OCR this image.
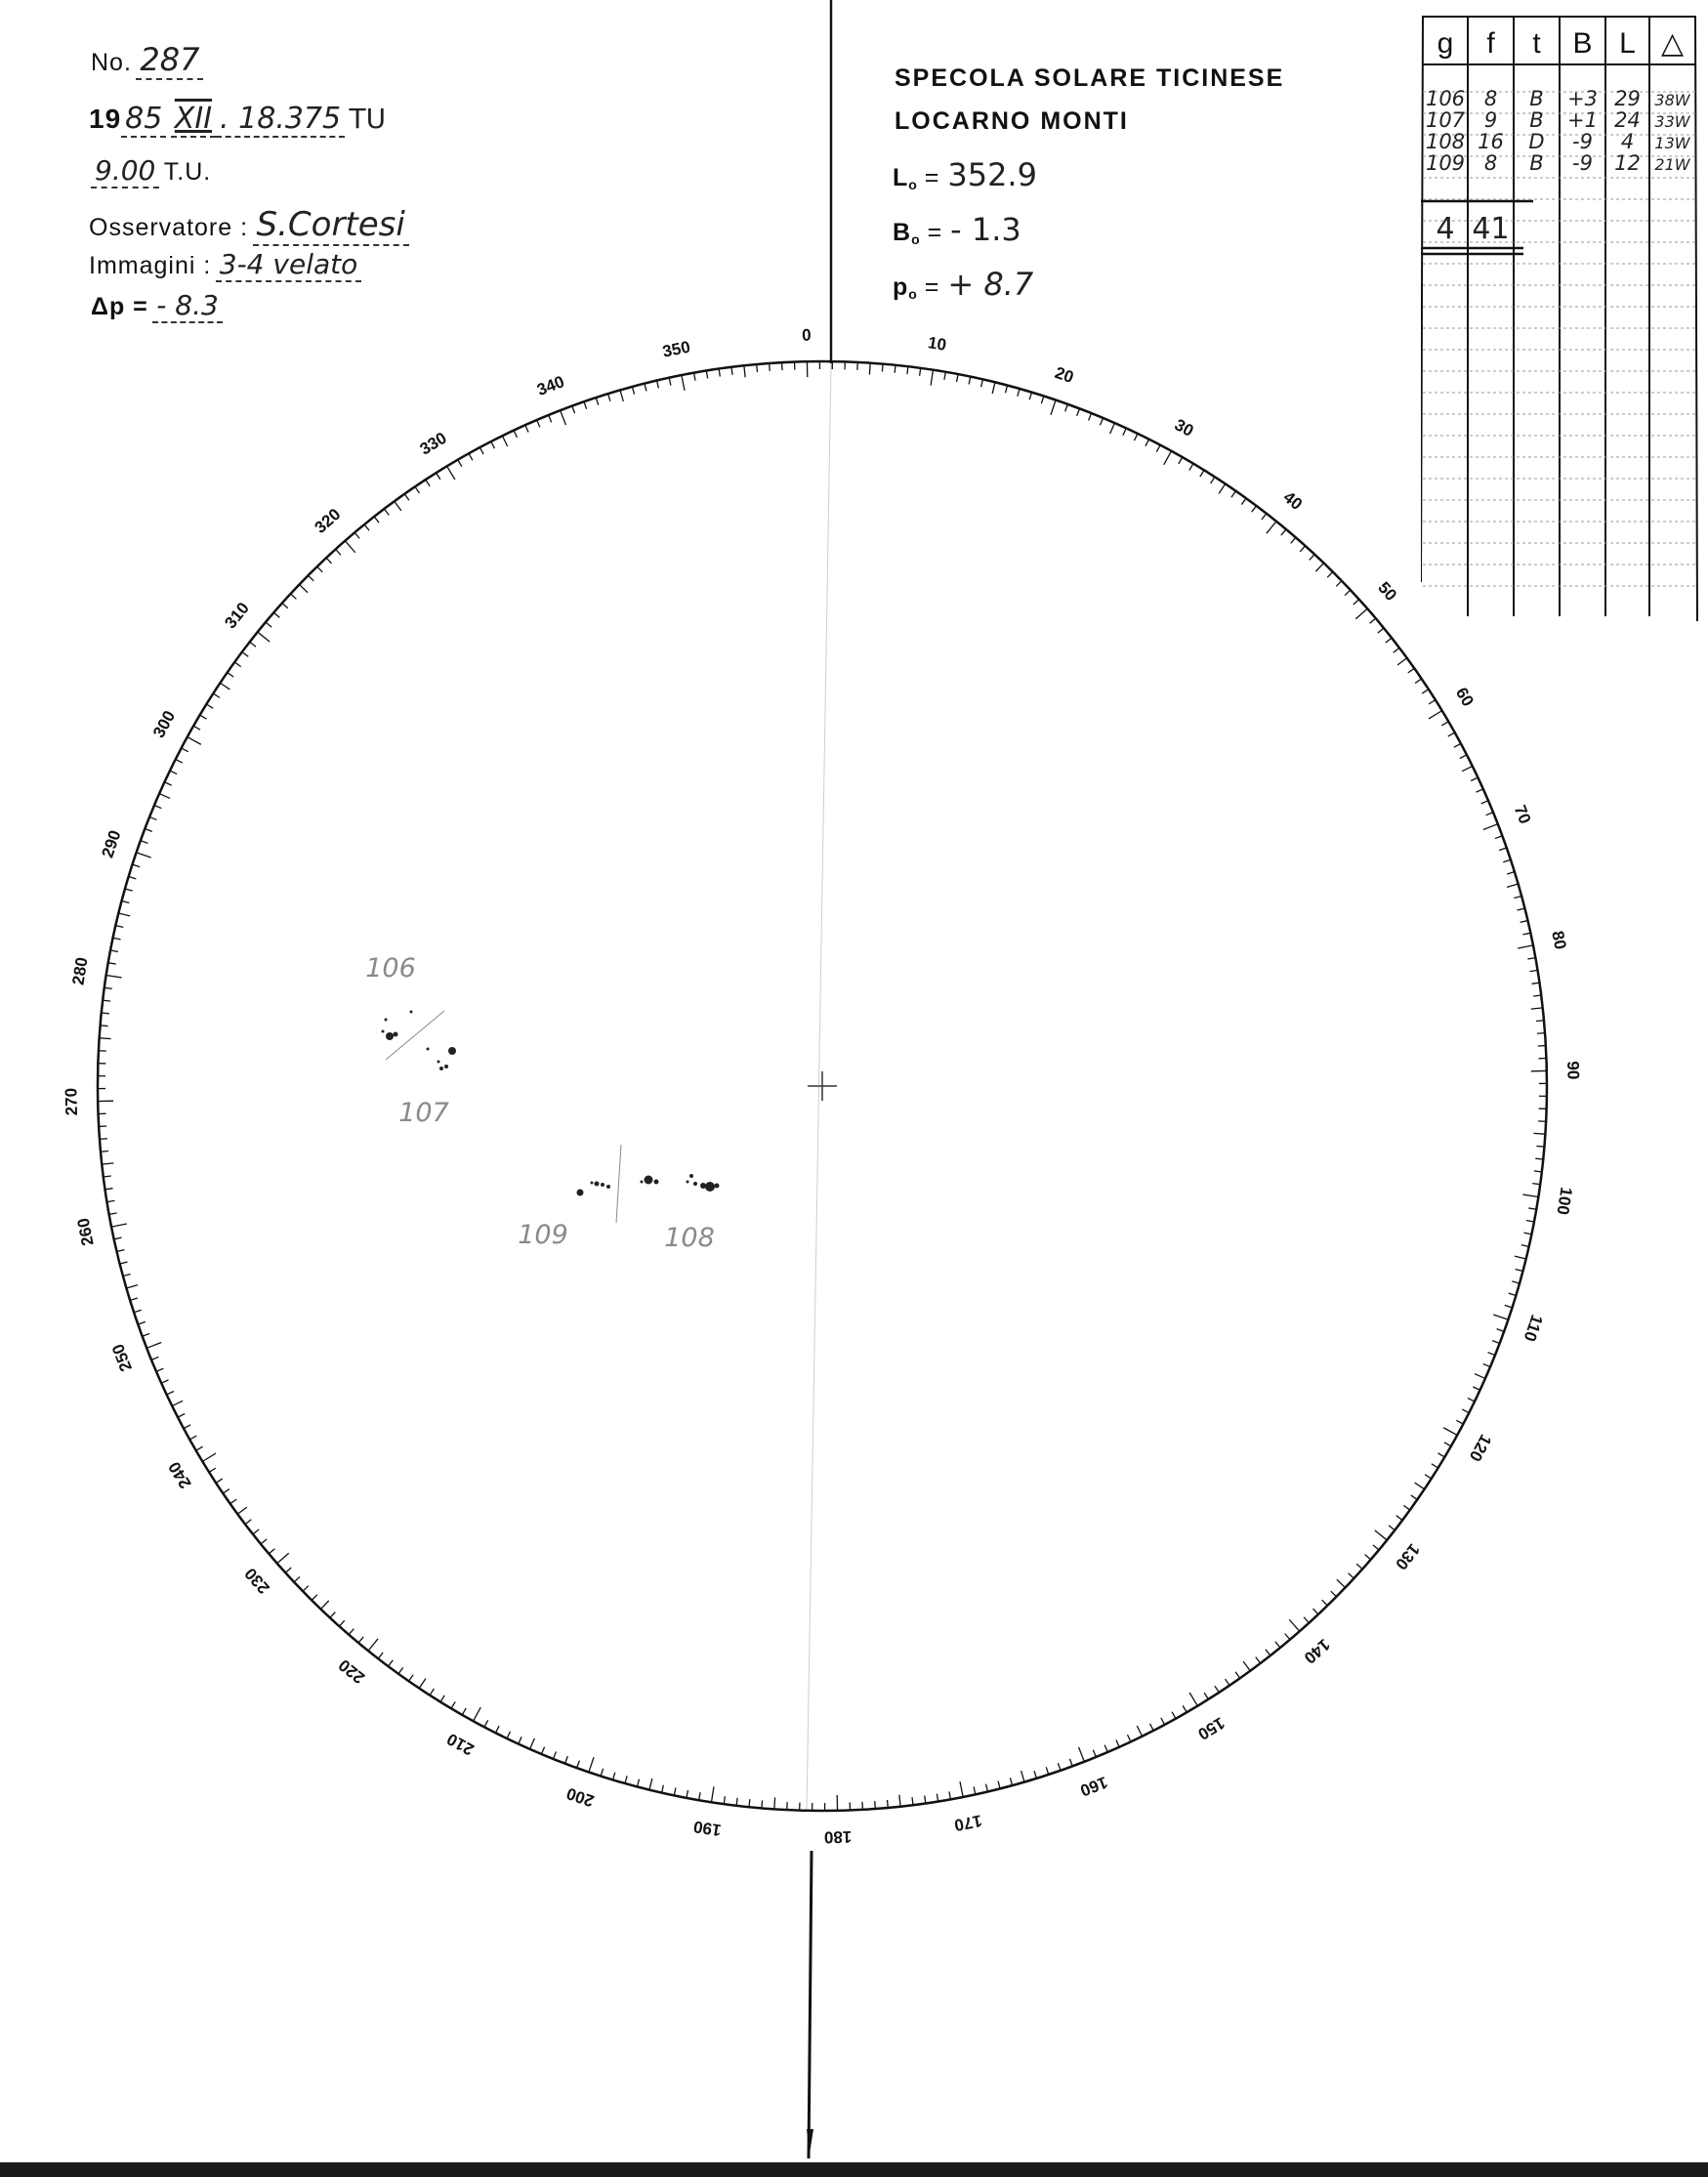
No. 287
19 85 XII . 18.375 TU
9.00 T.U.
Osservatore : S.Cortesi
Immagini : 3-4 velato
Δp = - 8.3
SPECOLA SOLARE TICINESE
LOCARNO MONTI
$L_o = 352.9$
$B_o$ = - 1.3
$p_o$ = + 8.7
g f t B L △
106 8 B +3 29 38W
107 9 B +1 24 33W
108 16 D -9 4 13W
109 8 B -9 12 21W
4 41
0	10
20
30
40
50
60
70
80
90
100
110
120
130
140
150
160
170
180
190
200
210
220
230
240
250
260
270
280
290
300
310
320
330
340
350
106
107
109	108
